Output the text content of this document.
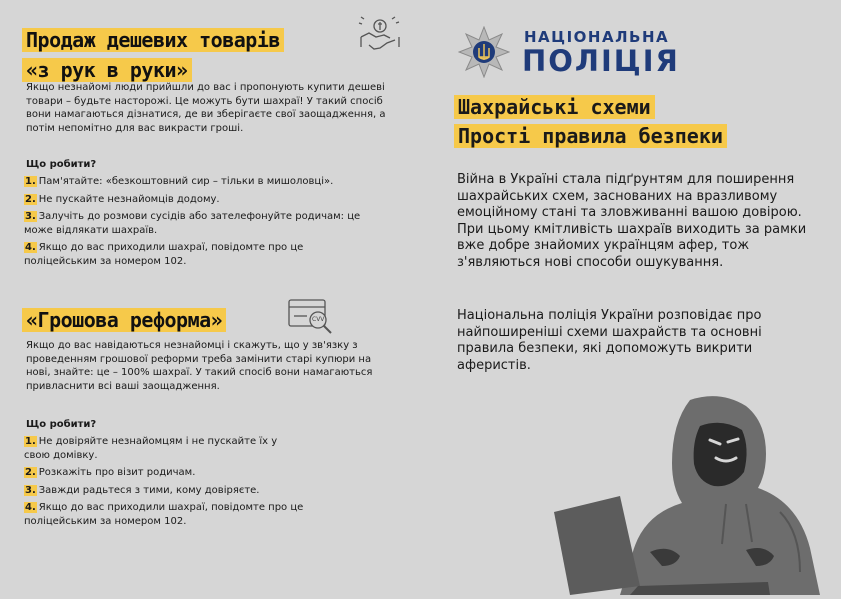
Продаж дешевих товарів
«з рук в руки»
Якщо незнайомі люди прийшли до вас і пропонують купити дешеві товари – будьте насторожі. Це можуть бути шахраї! У такий спосіб вони намагаються дізнатися, де ви зберігаєте свої заощадження, а потім непомітно для вас викрасти гроші.
Що робити?
1. Пам'ятайте: «безкоштовний сир – тільки в мишоловці».
2. Не пускайте незнайомців додому.
3. Залучіть до розмови сусідів або зателефонуйте родичам: це може відлякати шахраїв.
4. Якщо до вас приходили шахраї, повідомте про це поліцейським за номером 102.
«Грошова реформа»	CVV
Якщо до вас навідаються незнайомці і скажуть, що у зв'язку з проведенням грошової реформи треба замінити старі купюри на нові, знайте: це – 100% шахраї. У такий спосіб вони намагаються привласнити всі ваші заощадження.
Що робити?
1. Не довіряйте незнайомцям і не пускайте їх у свою домівку.
2. Розкажіть про візит родичам.
3. Завжди радьтеся з тими, кому довіряєте.
4. Якщо до вас приходили шахраї, повідомте про це поліцейським за номером 102.
НАЦІОНАЛЬНА
ПОЛІЦІЯ
Шахрайські схеми
Прості правила безпеки
Війна в Україні стала підґрунтям для поширення шахрайських схем, заснованих на вразливому емоційному стані та зловживанні вашою довірою. При цьому кмітливість шахраїв виходить за рамки вже добре знайомих українцям афер, тож з'являються нові способи ошукування.
Національна поліція України розповідає про найпоширеніші схеми шахрайств та основні правила безпеки, які допоможуть викрити аферистів.
